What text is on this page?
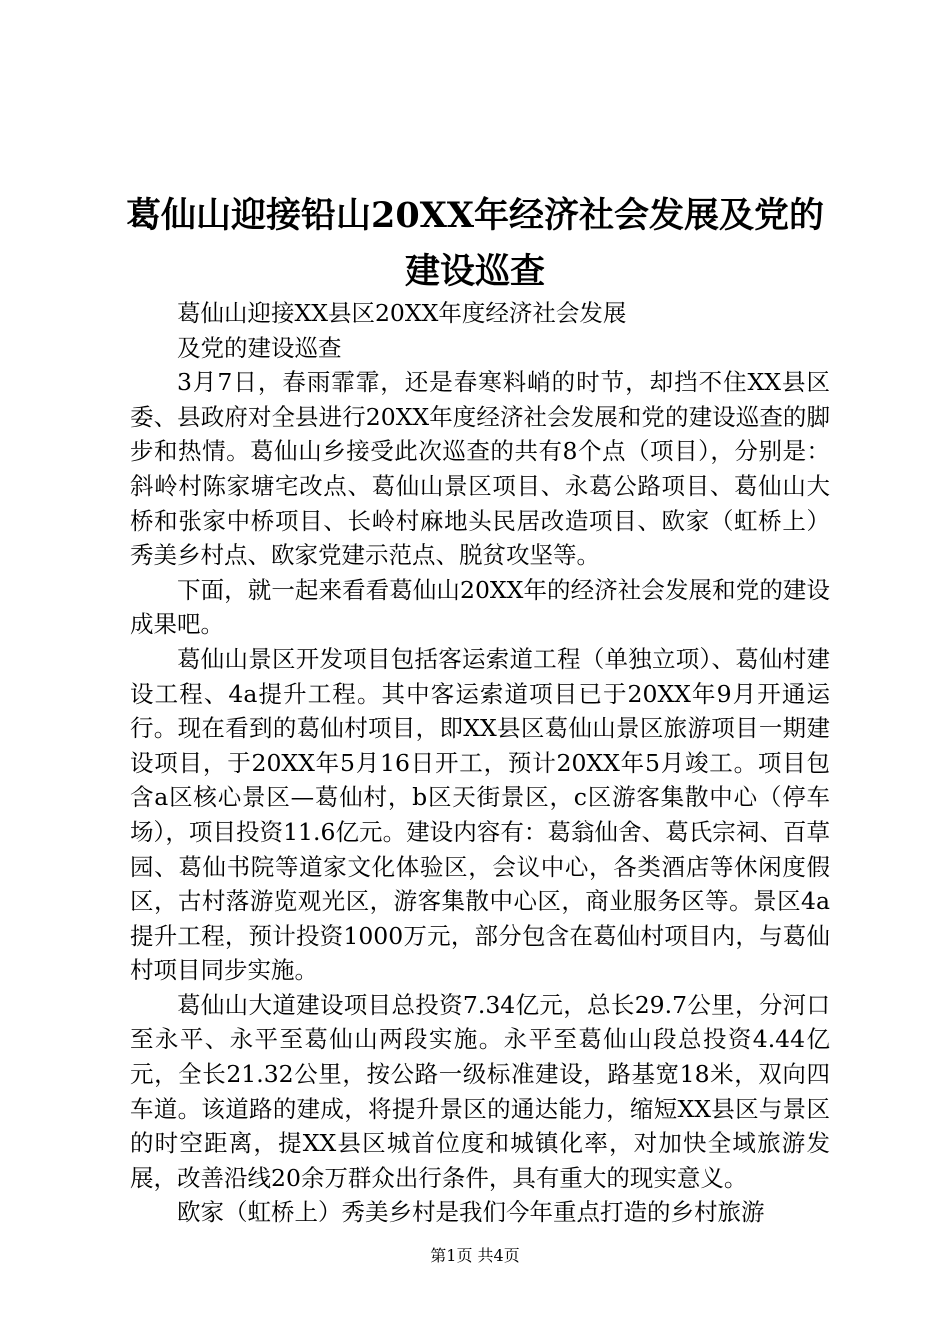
葛仙山迎接铅山20XX年经济社会发展及党的
建设巡查

葛仙山迎接XX县区20XX年度经济社会发展

及党的建设巡查

3月7日，春雨霏霏，还是春寒料峭的时节，却挡不住XX县区委、县政府对全县进行20XX年度经济社会发展和党的建设巡查的脚步和热情。葛仙山乡接受此次巡查的共有8个点（项目），分别是：斜岭村陈家塘宅改点、葛仙山景区项目、永葛公路项目、葛仙山大桥和张家中桥项目、长岭村麻地头民居改造项目、欧家（虹桥上）秀美乡村点、欧家党建示范点、脱贫攻坚等。

下面，就一起来看看葛仙山20XX年的经济社会发展和党的建设成果吧。

葛仙山景区开发项目包括客运索道工程（单独立项）、葛仙村建设工程、4a提升工程。其中客运索道项目已于20XX年9月开通运行。现在看到的葛仙村项目，即XX县区葛仙山景区旅游项目一期建设项目，于20XX年5月16日开工，预计20XX年5月竣工。项目包含a区核心景区—葛仙村，b区天街景区，c区游客集散中心（停车场），项目投资11.6亿元。建设内容有：葛翁仙舍、葛氏宗祠、百草园、葛仙书院等道家文化体验区，会议中心，各类酒店等休闲度假区，古村落游览观光区，游客集散中心区，商业服务区等。景区4a提升工程，预计投资1000万元，部分包含在葛仙村项目内，与葛仙村项目同步实施。

葛仙山大道建设项目总投资7.34亿元，总长29.7公里，分河口至永平、永平至葛仙山两段实施。永平至葛仙山段总投资4.44亿元，全长21.32公里，按公路一级标准建设，路基宽18米，双向四车道。该道路的建成，将提升景区的通达能力，缩短XX县区与景区的时空距离，提XX县区城首位度和城镇化率，对加快全域旅游发展，改善沿线20余万群众出行条件，具有重大的现实意义。

欧家（虹桥上）秀美乡村是我们今年重点打造的乡村旅游

第1页 共4页
